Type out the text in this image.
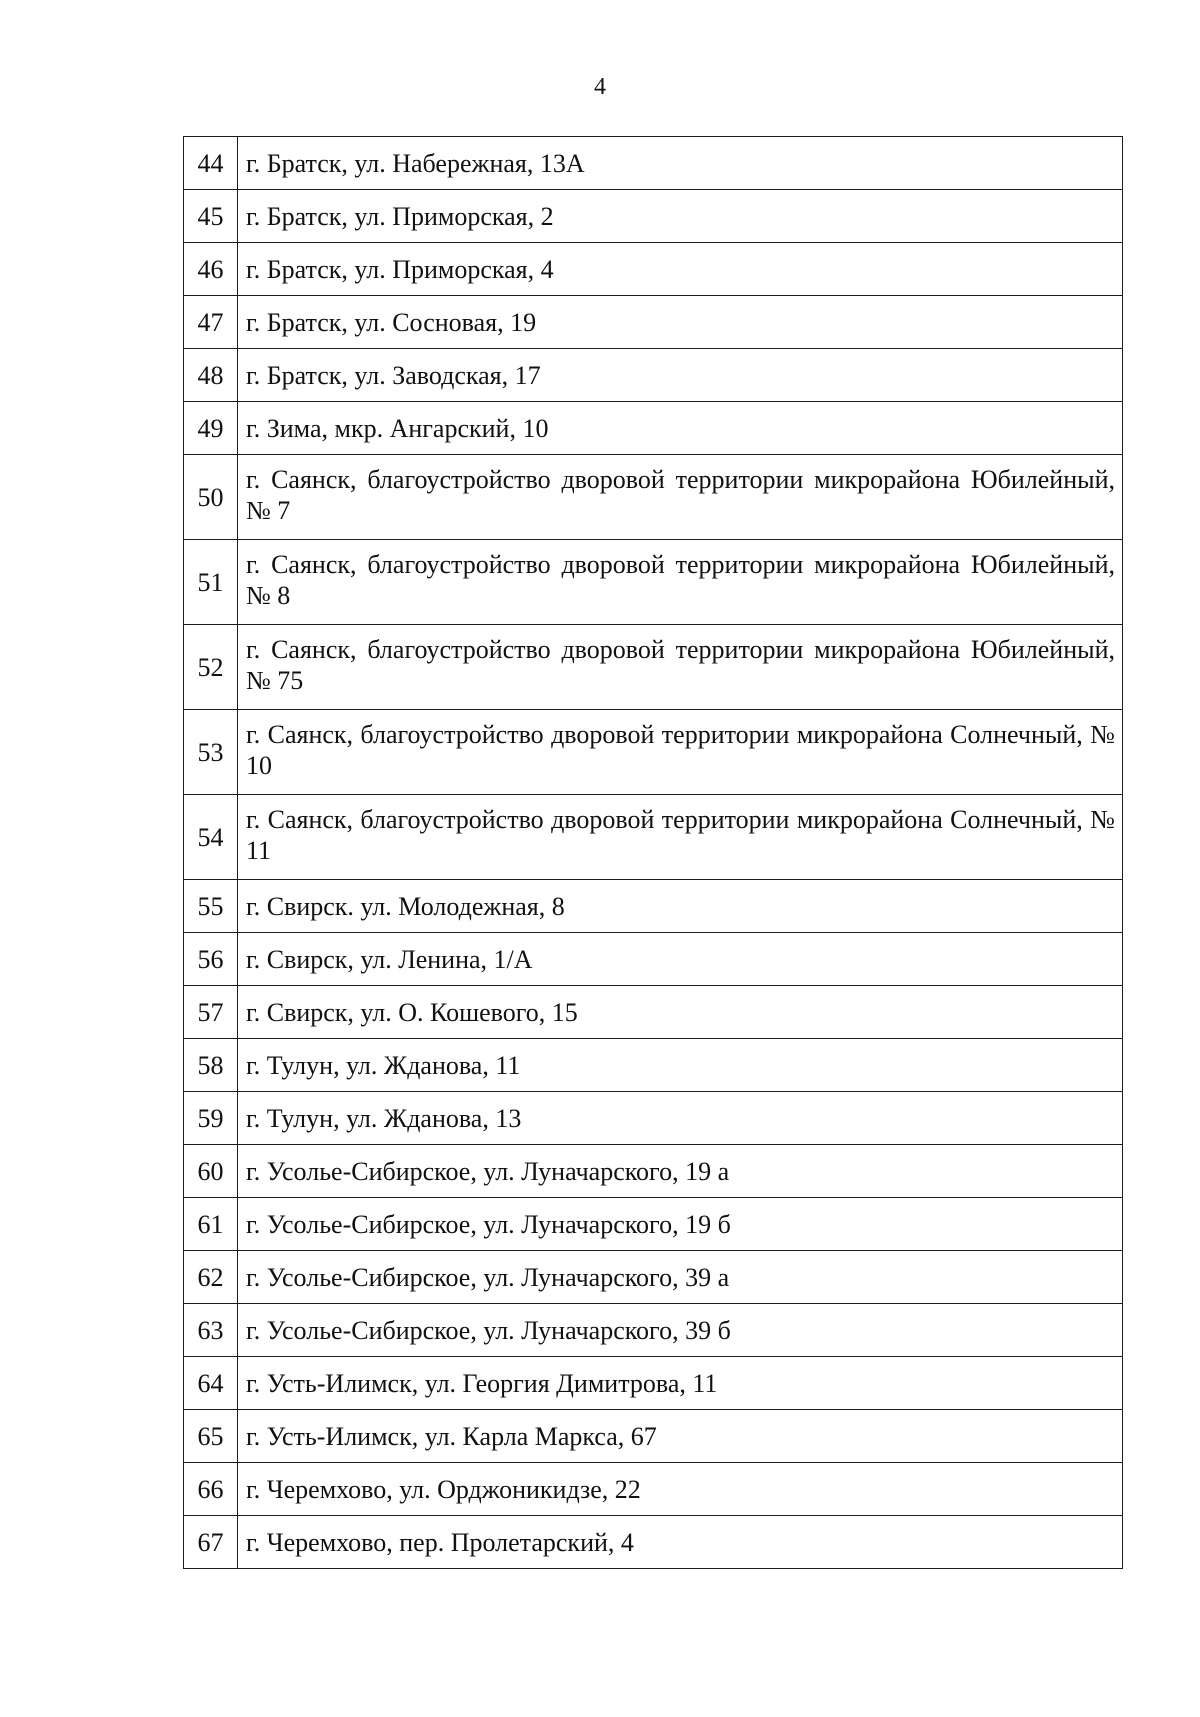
4
44	г. Братск, ул. Набережная, 13А
45	г. Братск, ул. Приморская, 2
46	г. Братск, ул. Приморская, 4
47	г. Братск, ул. Сосновая, 19
48	г. Братск, ул. Заводская, 17
49	г. Зима, мкр. Ангарский, 10
50	г. Саянск, благоустройство дворовой территории микрорайона Юбилейный, № 7
51	г. Саянск, благоустройство дворовой территории микрорайона Юбилейный, № 8
52	г. Саянск, благоустройство дворовой территории микрорайона Юбилейный, № 75
53	г. Саянск, благоустройство дворовой территории микрорайона Солнечный, № 10
54	г. Саянск, благоустройство дворовой территории микрорайона Солнечный, № 11
55	г. Свирск. ул. Молодежная, 8
56	г. Свирск, ул. Ленина, 1/А
57	г. Свирск, ул. О. Кошевого, 15
58	г. Тулун, ул. Жданова, 11
59	г. Тулун, ул. Жданова, 13
60	г. Усолье-Сибирское, ул. Луначарского, 19 а
61	г. Усолье-Сибирское, ул. Луначарского, 19 б
62	г. Усолье-Сибирское, ул. Луначарского, 39 а
63	г. Усолье-Сибирское, ул. Луначарского, 39 б
64	г. Усть-Илимск, ул. Георгия Димитрова, 11
65	г. Усть-Илимск, ул. Карла Маркса, 67
66	г. Черемхово, ул. Орджоникидзе, 22
67	г. Черемхово, пер. Пролетарский, 4
